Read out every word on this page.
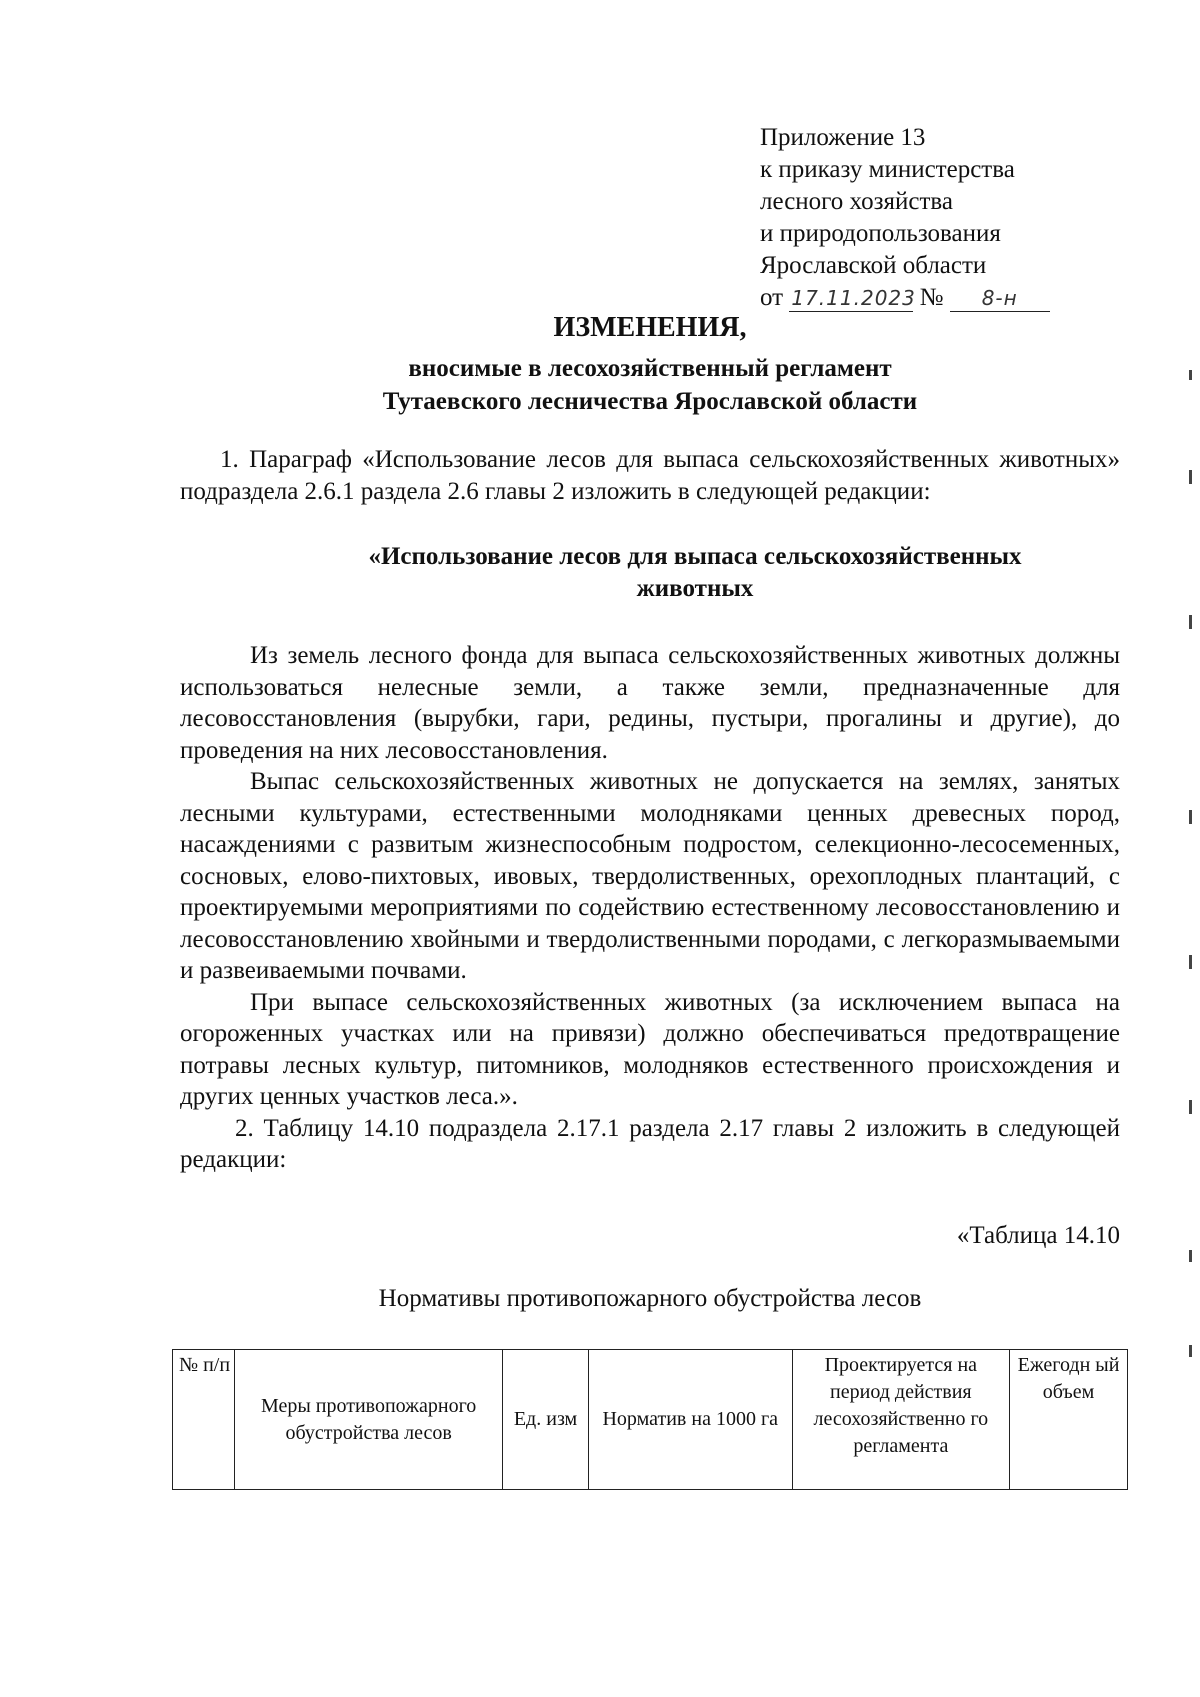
Приложение 13
к приказу министерства
лесного хозяйства
и природопользования
Ярославской области
от 17.11.2023 № 8-н
ИЗМЕНЕНИЯ,
вносимые в лесохозяйственный регламент
Тутаевского лесничества Ярославской области

1. Параграф «Использование лесов для выпаса сельскохозяйственных животных» подраздела 2.6.1 раздела 2.6 главы 2 изложить в следующей редакции:

«Использование лесов для выпаса сельскохозяйственных
животных

Из земель лесного фонда для выпаса сельскохозяйственных животных должны использоваться нелесные земли, а также земли, предназначенные для лесовосстановления (вырубки, гари, редины, пустыри, прогалины и другие), до проведения на них лесовосстановления.

Выпас сельскохозяйственных животных не допускается на землях, занятых лесными культурами, естественными молодняками ценных древесных пород, насаждениями с развитым жизнеспособным подростом, селекционно-лесосеменных, сосновых, елово-пихтовых, ивовых, твердолиственных, орехоплодных плантаций, с проектируемыми мероприятиями по содействию естественному лесовосстановлению и лесовосстановлению хвойными и твердолиственными породами, с легкоразмываемыми и развеиваемыми почвами.

При выпасе сельскохозяйственных животных (за исключением выпаса на огороженных участках или на привязи) должно обеспечиваться предотвращение потравы лесных культур, питомников, молодняков естественного происхождения и других ценных участков леса.».

2. Таблицу 14.10 подраздела 2.17.1 раздела 2.17 главы 2 изложить в следующей редакции:

«Таблица 14.10
Нормативы противопожарного обустройства лесов
№ п/п	Меры противопожарного обустройства лесов	Ед. изм	Норматив на 1000 га	Проектируется на период действия лесохозяйственно го регламента	Ежегодн ый объем
